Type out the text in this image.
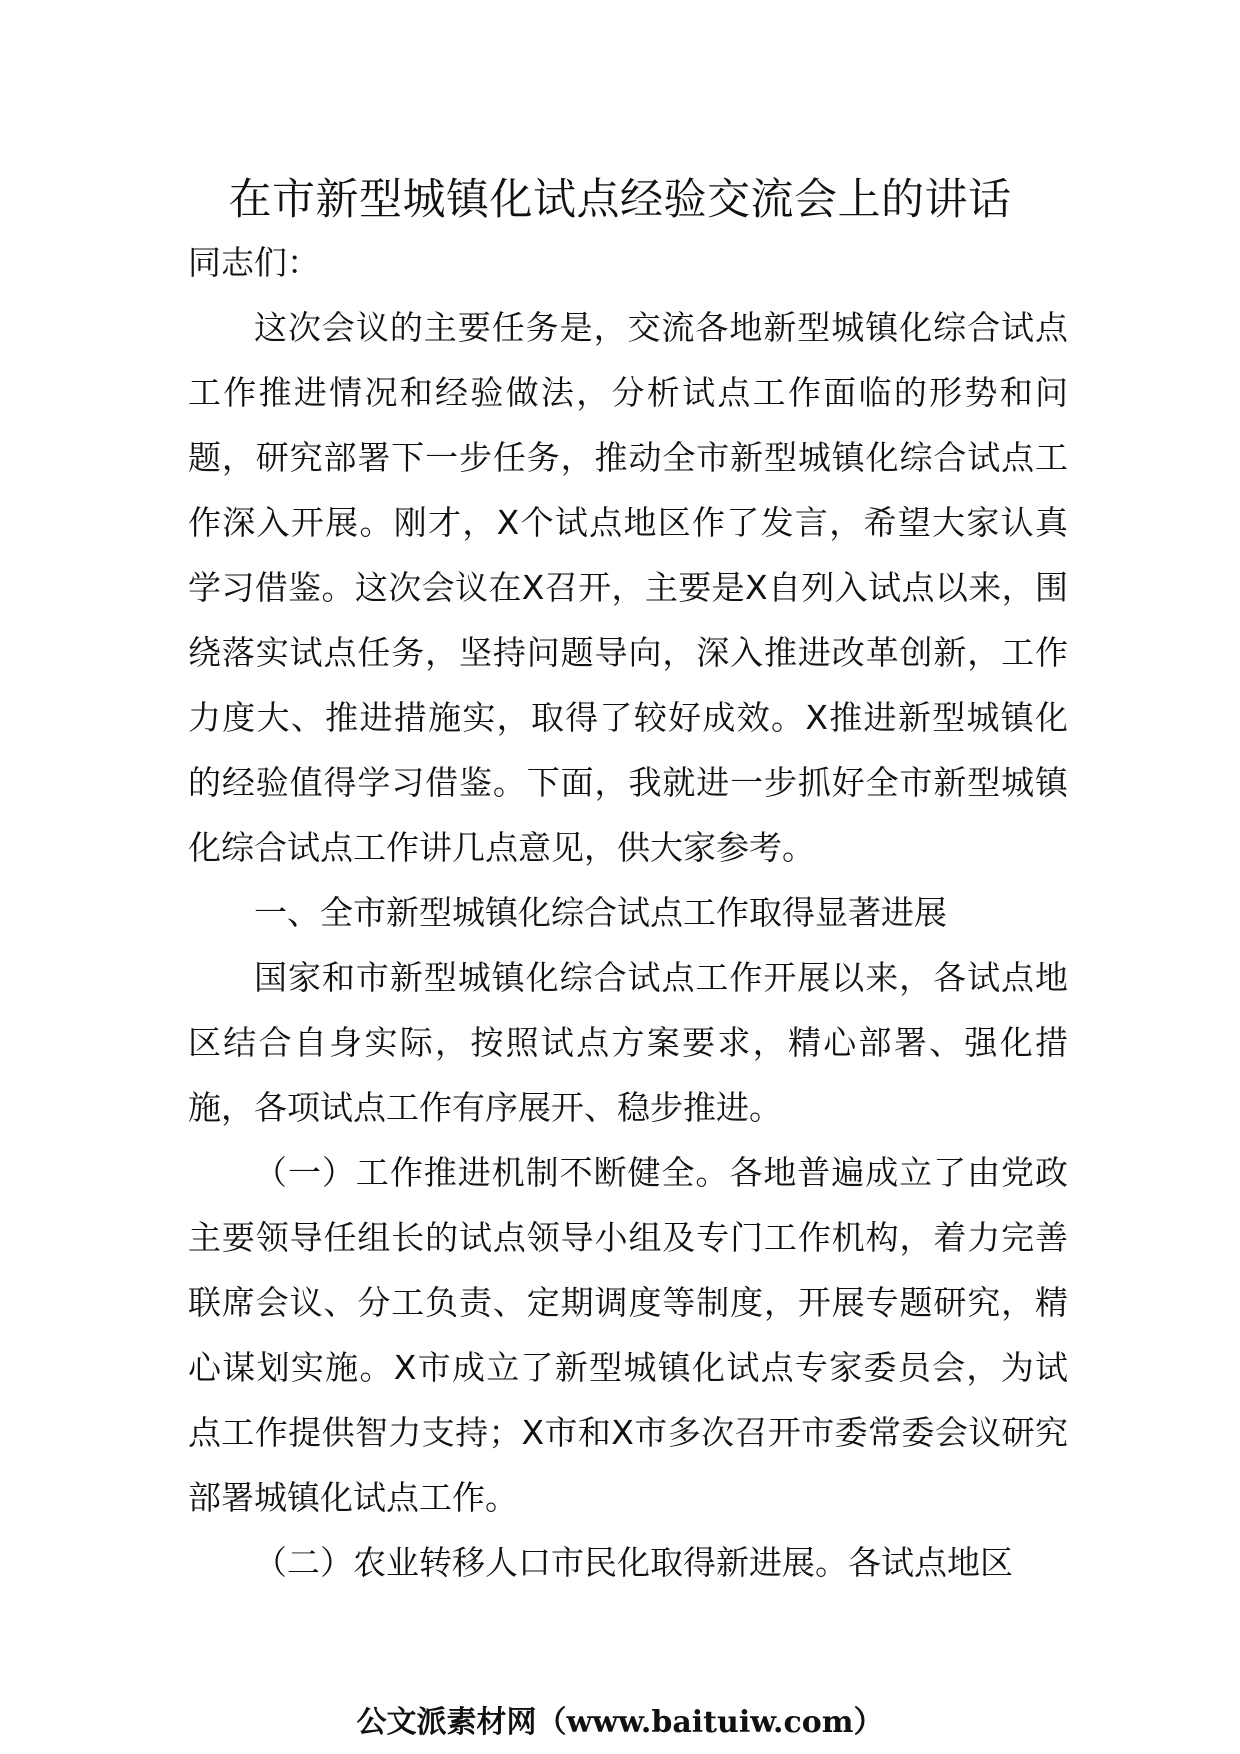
在市新型城镇化试点经验交流会上的讲话

同志们：

这次会议的主要任务是，交流各地新型城镇化综合试点工作推进情况和经验做法，分析试点工作面临的形势和问题，研究部署下一步任务，推动全市新型城镇化综合试点工作深入开展。刚才，X个试点地区作了发言，希望大家认真学习借鉴。这次会议在X召开，主要是X自列入试点以来，围绕落实试点任务，坚持问题导向，深入推进改革创新，工作力度大、推进措施实，取得了较好成效。X推进新型城镇化的经验值得学习借鉴。下面，我就进一步抓好全市新型城镇化综合试点工作讲几点意见，供大家参考。

一、全市新型城镇化综合试点工作取得显著进展

国家和市新型城镇化综合试点工作开展以来，各试点地区结合自身实际，按照试点方案要求，精心部署、强化措施，各项试点工作有序展开、稳步推进。

（一）工作推进机制不断健全。各地普遍成立了由党政主要领导任组长的试点领导小组及专门工作机构，着力完善联席会议、分工负责、定期调度等制度，开展专题研究，精心谋划实施。X市成立了新型城镇化试点专家委员会，为试点工作提供智力支持；X市和X市多次召开市委常委会议研究部署城镇化试点工作。

（二）农业转移人口市民化取得新进展。各试点地区

公文派素材网（www.baituiw.com）
